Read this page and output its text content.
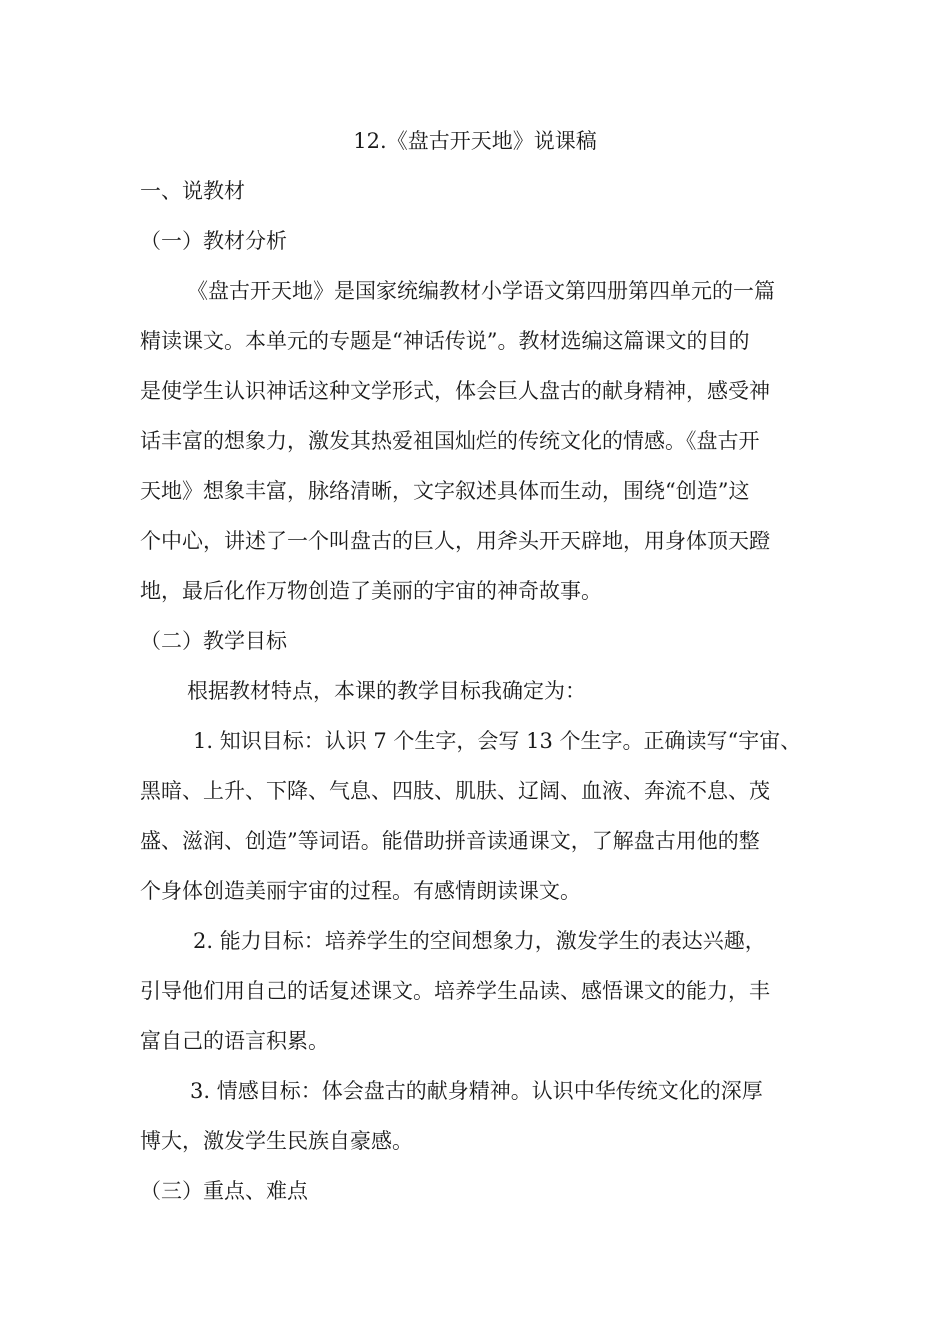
12.《盘古开天地》说课稿

一、说教材

（一）教材分析

《盘古开天地》是国家统编教材小学语文第四册第四单元的一篇

精读课文。本单元的专题是“神话传说”。教材选编这篇课文的目的

是使学生认识神话这种文学形式，体会巨人盘古的献身精神，感受神

话丰富的想象力，激发其热爱祖国灿烂的传统文化的情感。《盘古开

天地》想象丰富，脉络清晰，文字叙述具体而生动，围绕“创造”这

个中心，讲述了一个叫盘古的巨人，用斧头开天辟地，用身体顶天蹬

地，最后化作万物创造了美丽的宇宙的神奇故事。

（二）教学目标

根据教材特点，本课的教学目标我确定为：

1. 知识目标：认识 7 个生字，会写 13 个生字。正确读写“宇宙、

黑暗、上升、下降、气息、四肢、肌肤、辽阔、血液、奔流不息、茂

盛、滋润、创造”等词语。能借助拼音读通课文，了解盘古用他的整

个身体创造美丽宇宙的过程。有感情朗读课文。

2. 能力目标：培养学生的空间想象力，激发学生的表达兴趣，

引导他们用自己的话复述课文。培养学生品读、感悟课文的能力，丰

富自己的语言积累。

3. 情感目标：体会盘古的献身精神。认识中华传统文化的深厚

博大，激发学生民族自豪感。

（三）重点、难点
